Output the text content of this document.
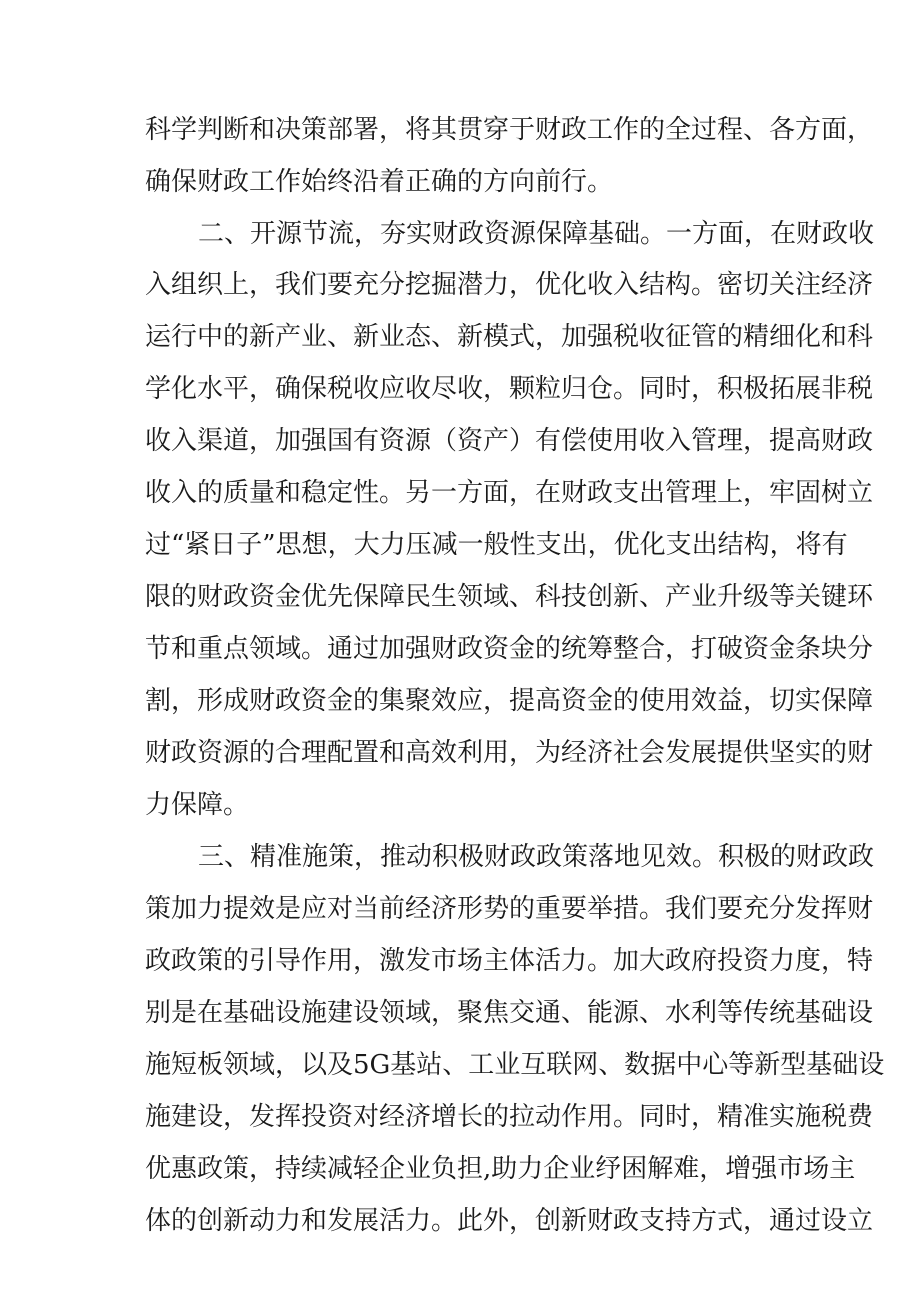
科学判断和决策部署，将其贯穿于财政工作的全过程、各方面，
确保财政工作始终沿着正确的方向前行。
二、开源节流，夯实财政资源保障基础。一方面，在财政收
入组织上，我们要充分挖掘潜力，优化收入结构。密切关注经济
运行中的新产业、新业态、新模式，加强税收征管的精细化和科
学化水平，确保税收应收尽收，颗粒归仓。同时，积极拓展非税
收入渠道，加强国有资源（资产）有偿使用收入管理，提高财政
收入的质量和稳定性。另一方面，在财政支出管理上，牢固树立
过“紧日子”思想，大力压减一般性支出，优化支出结构，将有
限的财政资金优先保障民生领域、科技创新、产业升级等关键环
节和重点领域。通过加强财政资金的统筹整合，打破资金条块分
割，形成财政资金的集聚效应，提高资金的使用效益，切实保障
财政资源的合理配置和高效利用，为经济社会发展提供坚实的财
力保障。
三、精准施策，推动积极财政政策落地见效。积极的财政政
策加力提效是应对当前经济形势的重要举措。我们要充分发挥财
政政策的引导作用，激发市场主体活力。加大政府投资力度，特
别是在基础设施建设领域，聚焦交通、能源、水利等传统基础设
施短板领域，以及5G基站、工业互联网、数据中心等新型基础设
施建设，发挥投资对经济增长的拉动作用。同时，精准实施税费
优惠政策，持续减轻企业负担,助力企业纾困解难，增强市场主
体的创新动力和发展活力。此外，创新财政支持方式，通过设立
